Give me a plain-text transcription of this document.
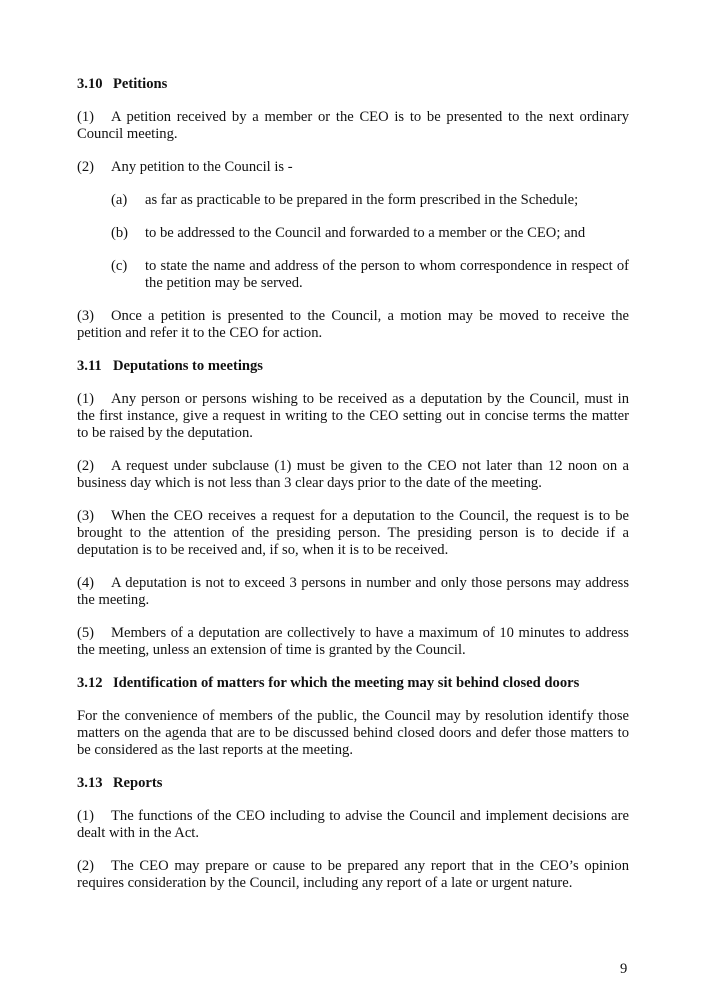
3.10 Petitions

(1) A petition received by a member or the CEO is to be presented to the next ordinary Council meeting.

(2) Any petition to the Council is -

(a) as far as practicable to be prepared in the form prescribed in the Schedule;
(b) to be addressed to the Council and forwarded to a member or the CEO; and
(c) to state the name and address of the person to whom correspondence in respect of the petition may be served.

(3) Once a petition is presented to the Council, a motion may be moved to receive the petition and refer it to the CEO for action.

3.11 Deputations to meetings

(1) Any person or persons wishing to be received as a deputation by the Council, must in the first instance, give a request in writing to the CEO setting out in concise terms the matter to be raised by the deputation.

(2) A request under subclause (1) must be given to the CEO not later than 12 noon on a business day which is not less than 3 clear days prior to the date of the meeting.

(3) When the CEO receives a request for a deputation to the Council, the request is to be brought to the attention of the presiding person. The presiding person is to decide if a deputation is to be received and, if so, when it is to be received.

(4) A deputation is not to exceed 3 persons in number and only those persons may address the meeting.

(5) Members of a deputation are collectively to have a maximum of 10 minutes to address the meeting, unless an extension of time is granted by the Council.

3.12 Identification of matters for which the meeting may sit behind closed doors

For the convenience of members of the public, the Council may by resolution identify those matters on the agenda that are to be discussed behind closed doors and defer those matters to be considered as the last reports at the meeting.

3.13 Reports

(1) The functions of the CEO including to advise the Council and implement decisions are dealt with in the Act.

(2) The CEO may prepare or cause to be prepared any report that in the CEO’s opinion requires consideration by the Council, including any report of a late or urgent nature.

9
